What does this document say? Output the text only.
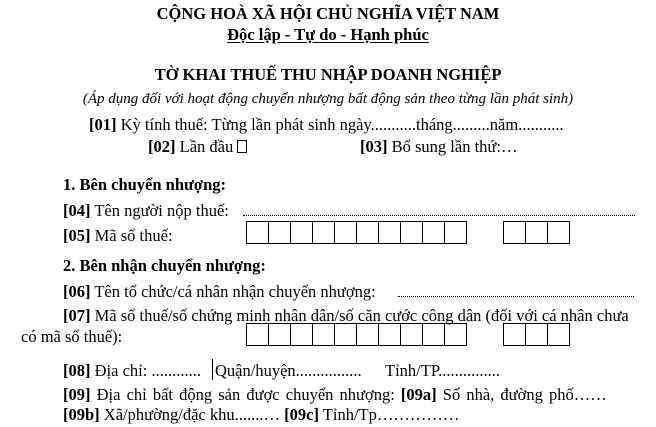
CỘNG HOÀ XÃ HỘI CHỦ NGHĨA VIỆT NAM
Độc lập - Tự do - Hạnh phúc
TỜ KHAI THUẾ THU NHẬP DOANH NGHIỆP
(Áp dụng đối với hoạt động chuyển nhượng bất động sản theo từng lần phát sinh)
[01] Kỳ tính thuế: Từng lần phát sinh ngày...........tháng.........năm...........
[02] Lần đầu	[03] Bổ sung lần thứ:…
1. Bên chuyển nhượng:
[04] Tên người nộp thuế:
[05] Mã số thuế:
2. Bên nhận chuyển nhượng:
[06] Tên tổ chức/cá nhân nhận chuyển nhượng:
[07] Mã số thuế/số chứng minh nhân dân/số căn cước công dân (đối với cá nhân chưa
có mã số thuế):
[08] Địa chỉ: ............ Quận/huyện................ Tỉnh/TP...............
[09] Địa chỉ bất động sản được chuyển nhượng: [09a] Số nhà, đường phố……
[09b] Xã/phường/đặc khu.......… [09c] Tỉnh/Tp……………
